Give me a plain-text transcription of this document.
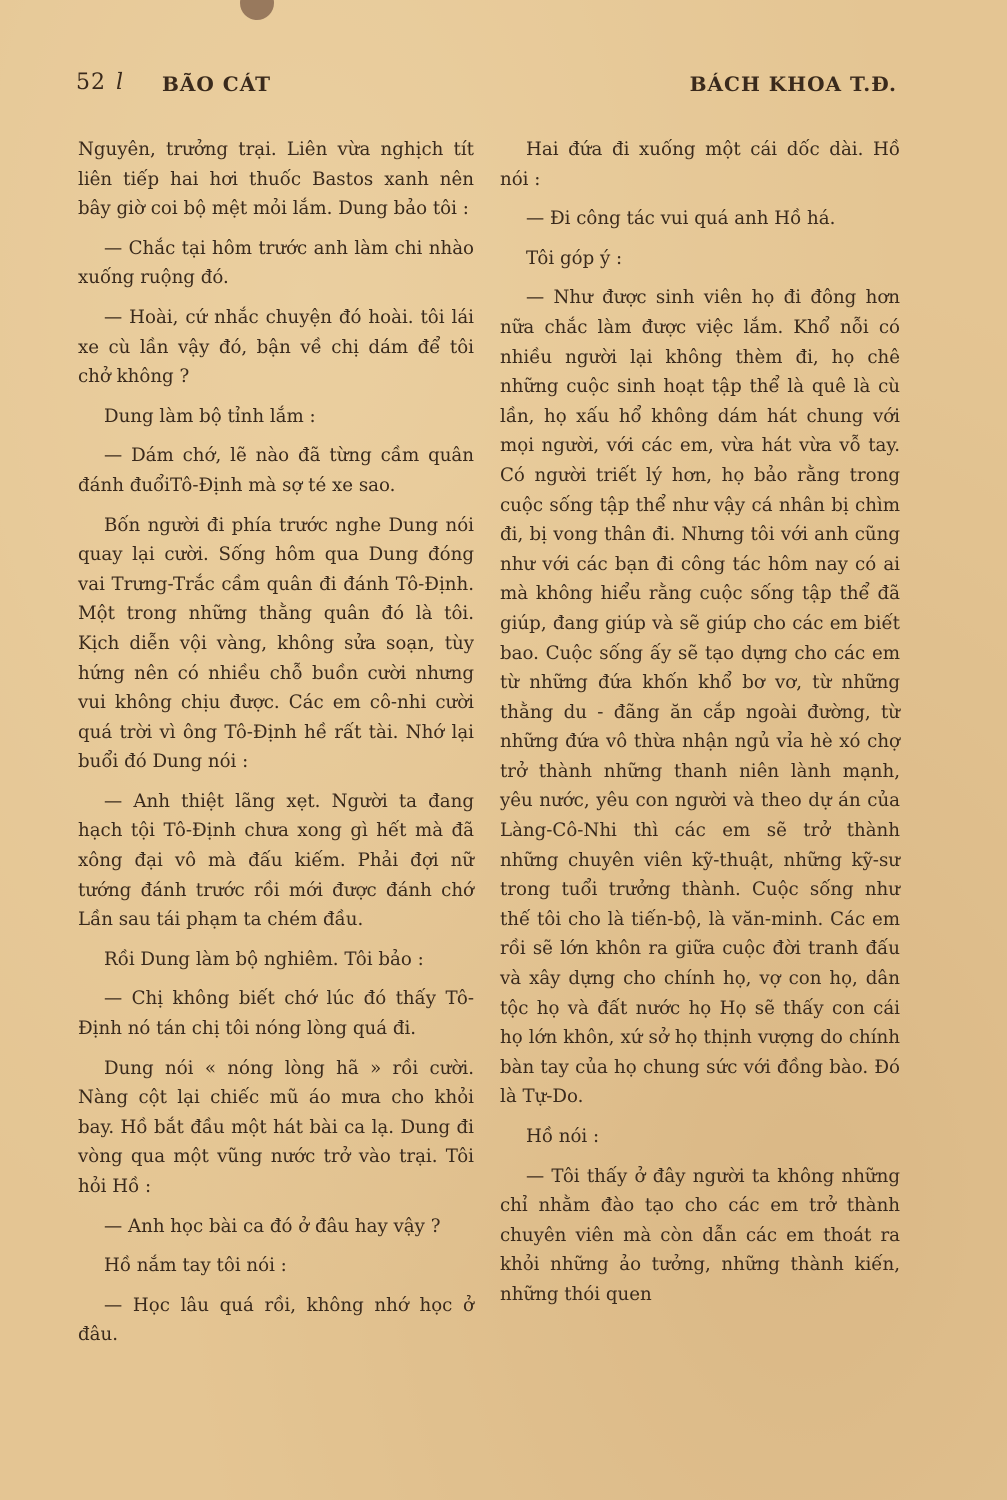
52 l BÃO CÁT	BÁCH KHOA T.Đ.

Nguyên, trưởng trại. Liên vừa nghịch tít liên tiếp hai hơi thuốc Bastos xanh nên bây giờ coi bộ mệt mỏi lắm. Dung bảo tôi :

— Chắc tại hôm trước anh làm chi nhào xuống ruộng đó.

— Hoài, cứ nhắc chuyện đó hoài. tôi lái xe cù lần vậy đó, bận về chị dám để tôi chở không ?

Dung làm bộ tỉnh lắm :

— Dám chớ, lẽ nào đã từng cầm quân đánh đuổiTô-Định mà sợ té xe sao.

Bốn người đi phía trước nghe Dung nói quay lại cười. Sống hôm qua Dung đóng vai Trưng-Trắc cầm quân đi đánh Tô-Định. Một trong những thằng quân đó là tôi. Kịch diễn vội vàng, không sửa soạn, tùy hứng nên có nhiều chỗ buồn cười nhưng vui không chịu được. Các em cô-nhi cười quá trời vì ông Tô-Định hề rất tài. Nhớ lại buổi đó Dung nói :

— Anh thiệt lãng xẹt. Người ta đang hạch tội Tô-Định chưa xong gì hết mà đã xông đại vô mà đấu kiếm. Phải đợi nữ tướng đánh trước rồi mới được đánh chớ Lần sau tái phạm ta chém đầu.

Rồi Dung làm bộ nghiêm. Tôi bảo :

— Chị không biết chớ lúc đó thấy Tô-Định nó tán chị tôi nóng lòng quá đi.

Dung nói « nóng lòng hã » rồi cười. Nàng cột lại chiếc mũ áo mưa cho khỏi bay. Hồ bắt đầu một hát bài ca lạ. Dung đi vòng qua một vũng nước trở vào trại. Tôi hỏi Hồ :

— Anh học bài ca đó ở đâu hay vậy ?

Hồ nắm tay tôi nói :

— Học lâu quá rồi, không nhớ học ở đâu.

Hai đứa đi xuống một cái dốc dài. Hồ nói :

— Đi công tác vui quá anh Hồ há.

Tôi góp ý :

— Như được sinh viên họ đi đông hơn nữa chắc làm được việc lắm. Khổ nỗi có nhiều người lại không thèm đi, họ chê những cuộc sinh hoạt tập thể là quê là cù lần, họ xấu hổ không dám hát chung với mọi người, với các em, vừa hát vừa vỗ tay. Có người triết lý hơn, họ bảo rằng trong cuộc sống tập thể như vậy cá nhân bị chìm đi, bị vong thân đi. Nhưng tôi với anh cũng như với các bạn đi công tác hôm nay có ai mà không hiểu rằng cuộc sống tập thể đã giúp, đang giúp và sẽ giúp cho các em biết bao. Cuộc sống ấy sẽ tạo dựng cho các em từ những đứa khốn khổ bơ vơ, từ những thằng du - đãng ăn cắp ngoài đường, từ những đứa vô thừa nhận ngủ vỉa hè xó chợ trở thành những thanh niên lành mạnh, yêu nước, yêu con người và theo dự án của Làng-Cô-Nhi thì các em sẽ trở thành những chuyên viên kỹ-thuật, những kỹ-sư trong tuổi trưởng thành. Cuộc sống như thế tôi cho là tiến-bộ, là văn-minh. Các em rồi sẽ lớn khôn ra giữa cuộc đời tranh đấu và xây dựng cho chính họ, vợ con họ, dân tộc họ và đất nước họ Họ sẽ thấy con cái họ lớn khôn, xứ sở họ thịnh vượng do chính bàn tay của họ chung sức với đồng bào. Đó là Tự-Do.

Hồ nói :

— Tôi thấy ở đây người ta không những chỉ nhằm đào tạo cho các em trở thành chuyên viên mà còn dẫn các em thoát ra khỏi những ảo tưởng, những thành kiến, những thói quen
